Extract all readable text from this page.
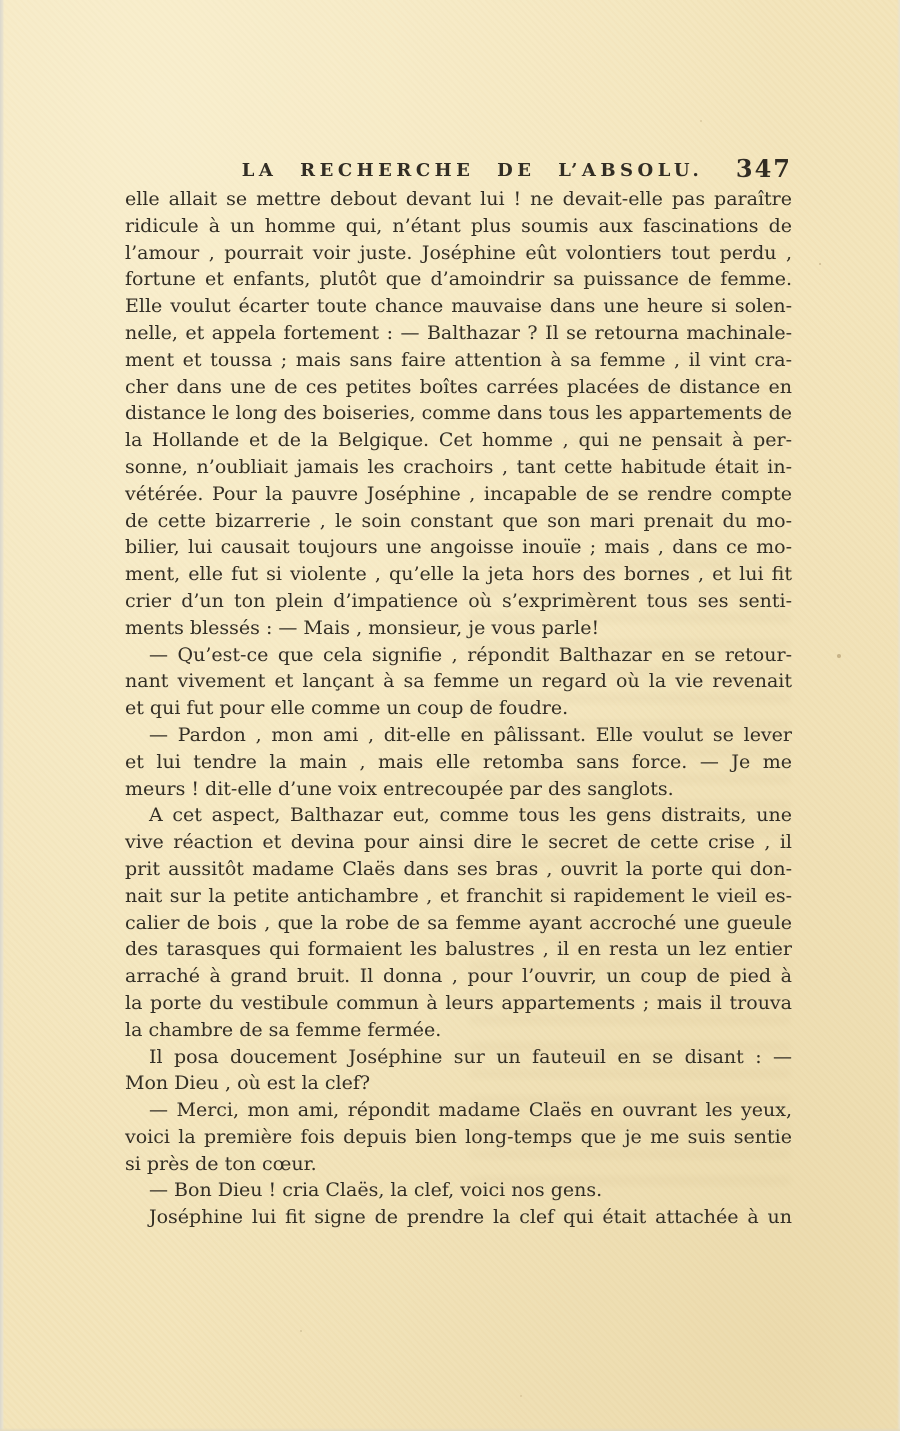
LA RECHERCHE DE L’ABSOLU.	347
elle allait se mettre debout devant lui ! ne devait-elle pas paraître
ridicule à un homme qui, n’étant plus soumis aux fascinations de
l’amour , pourrait voir juste. Joséphine eût volontiers tout perdu ,
fortune et enfants, plutôt que d’amoindrir sa puissance de femme.
Elle voulut écarter toute chance mauvaise dans une heure si solen-
nelle, et appela fortement : — Balthazar ? Il se retourna machinale-
ment et toussa ; mais sans faire attention à sa femme , il vint cra-
cher dans une de ces petites boîtes carrées placées de distance en
distance le long des boiseries, comme dans tous les appartements de
la Hollande et de la Belgique. Cet homme , qui ne pensait à per-
sonne, n’oubliait jamais les crachoirs , tant cette habitude était in-
vétérée. Pour la pauvre Joséphine , incapable de se rendre compte
de cette bizarrerie , le soin constant que son mari prenait du mo-
bilier, lui causait toujours une angoisse inouïe ; mais , dans ce mo-
ment, elle fut si violente , qu’elle la jeta hors des bornes , et lui fit
crier d’un ton plein d’impatience où s’exprimèrent tous ses senti-
ments blessés : — Mais , monsieur, je vous parle!
— Qu’est-ce que cela signifie , répondit Balthazar en se retour-
nant vivement et lançant à sa femme un regard où la vie revenait
et qui fut pour elle comme un coup de foudre.
— Pardon , mon ami , dit-elle en pâlissant. Elle voulut se lever
et lui tendre la main , mais elle retomba sans force. — Je me
meurs ! dit-elle d’une voix entrecoupée par des sanglots.
A cet aspect, Balthazar eut, comme tous les gens distraits, une
vive réaction et devina pour ainsi dire le secret de cette crise , il
prit aussitôt madame Claës dans ses bras , ouvrit la porte qui don-
nait sur la petite antichambre , et franchit si rapidement le vieil es-
calier de bois , que la robe de sa femme ayant accroché une gueule
des tarasques qui formaient les balustres , il en resta un lez entier
arraché à grand bruit. Il donna , pour l’ouvrir, un coup de pied à
la porte du vestibule commun à leurs appartements ; mais il trouva
la chambre de sa femme fermée.
Il posa doucement Joséphine sur un fauteuil en se disant : —
Mon Dieu , où est la clef?
— Merci, mon ami, répondit madame Claës en ouvrant les yeux,
voici la première fois depuis bien long-temps que je me suis sentie
si près de ton cœur.
— Bon Dieu ! cria Claës, la clef, voici nos gens.
Joséphine lui fit signe de prendre la clef qui était attachée à un
